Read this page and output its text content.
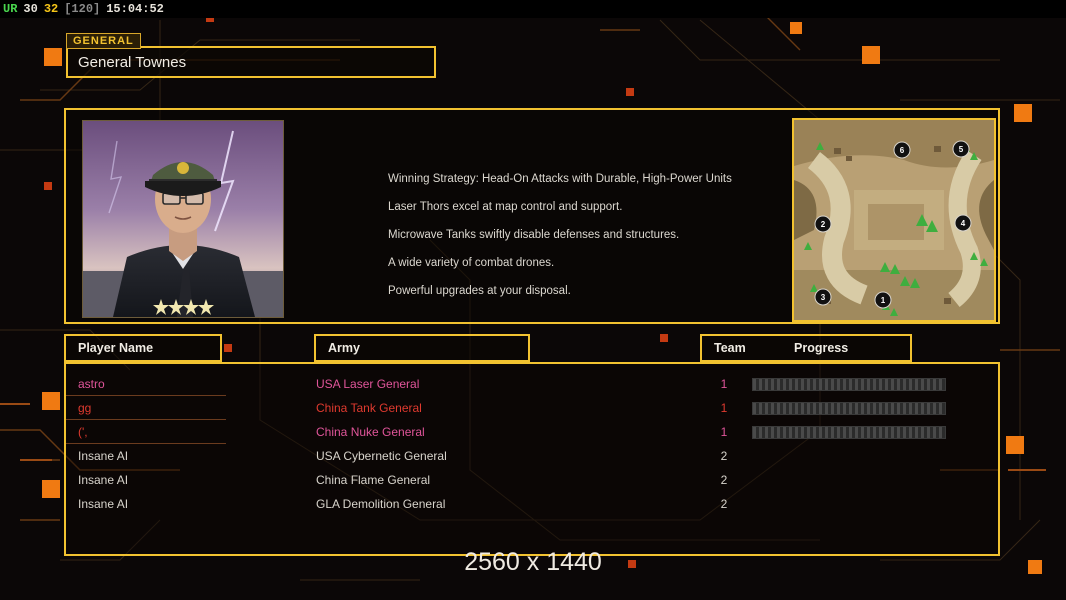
UR 30 32 [120] 15:04:52
GENERAL
General Townes
Winning Strategy: Head-On Attacks with Durable, High-Power Units
Laser Thors excel at map control and support.
Microwave Tanks swiftly disable defenses and structures.
A wide variety of combat drones.
Powerful upgrades at your disposal.
6	5
2	4
3	1
Player Name	Army	Team	Progress
astro	USA Laser General	1
gg	China Tank General	1
(',	China Nuke General	1
Insane AI	USA Cybernetic General	2
Insane AI	China Flame General	2
Insane AI	GLA Demolition General	2
2560 x 1440
